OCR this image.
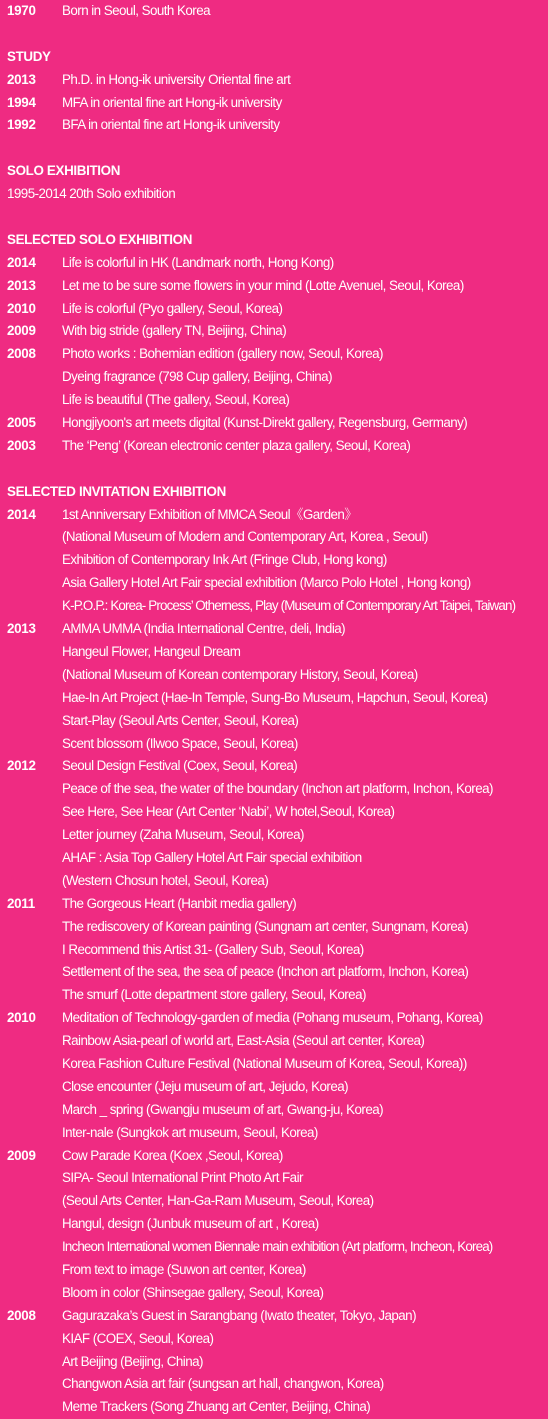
1970	Born in Seoul, South Korea
STUDY
2013	Ph.D. in Hong-ik university Oriental fine art
1994	MFA in oriental fine art Hong-ik university
1992	BFA in oriental fine art Hong-ik university
SOLO EXHIBITION
1995-2014 20th Solo exhibition
SELECTED SOLO EXHIBITION
2014	Life is colorful in HK (Landmark north, Hong Kong)
2013	Let me to be sure some flowers in your mind (Lotte Avenuel, Seoul, Korea)
2010	Life is colorful (Pyo gallery, Seoul, Korea)
2009	With big stride (gallery TN, Beijing, China)
2008	Photo works : Bohemian edition (gallery now, Seoul, Korea)
Dyeing fragrance (798 Cup gallery, Beijing, China)
Life is beautiful (The gallery, Seoul, Korea)
2005	Hongjiyoon's art meets digital (Kunst-Direkt gallery, Regensburg, Germany)
2003	The ‘Peng’ (Korean electronic center plaza gallery, Seoul, Korea)
SELECTED INVITATION EXHIBITION
2014	1st Anniversary Exhibition of MMCA Seoul《Garden》
(National Museum of Modern and Contemporary Art, Korea , Seoul)
Exhibition of Contemporary Ink Art (Fringe Club, Hong kong)
Asia Gallery Hotel Art Fair special exhibition (Marco Polo Hotel , Hong kong)
K-P.O.P.: Korea- Process’ Otherness, Play (Museum of Contemporary Art Taipei, Taiwan)
2013	AMMA UMMA (India International Centre, deli, India)
Hangeul Flower, Hangeul Dream
(National Museum of Korean contemporary History, Seoul, Korea)
Hae-In Art Project (Hae-In Temple, Sung-Bo Museum, Hapchun, Seoul, Korea)
Start-Play (Seoul Arts Center, Seoul, Korea)
Scent blossom (Ilwoo Space, Seoul, Korea)
2012	Seoul Design Festival (Coex, Seoul, Korea)
Peace of the sea, the water of the boundary (Inchon art platform, Inchon, Korea)
See Here, See Hear (Art Center ‘Nabi’, W hotel,Seoul, Korea)
Letter journey (Zaha Museum, Seoul, Korea)
AHAF : Asia Top Gallery Hotel Art Fair special exhibition
(Western Chosun hotel, Seoul, Korea)
2011	The Gorgeous Heart (Hanbit media gallery)
The rediscovery of Korean painting (Sungnam art center, Sungnam, Korea)
I Recommend this Artist 31- (Gallery Sub, Seoul, Korea)
Settlement of the sea, the sea of peace (Inchon art platform, Inchon, Korea)
The smurf (Lotte department store gallery, Seoul, Korea)
2010	Meditation of Technology-garden of media (Pohang museum, Pohang, Korea)
Rainbow Asia-pearl of world art, East-Asia (Seoul art center, Korea)
Korea Fashion Culture Festival (National Museum of Korea, Seoul, Korea))
Close encounter (Jeju museum of art, Jejudo, Korea)
March _ spring (Gwangju museum of art, Gwang-ju, Korea)
Inter-nale (Sungkok art museum, Seoul, Korea)
2009	Cow Parade Korea (Koex ,Seoul, Korea)
SIPA- Seoul International Print Photo Art Fair
(Seoul Arts Center, Han-Ga-Ram Museum, Seoul, Korea)
Hangul, design (Junbuk museum of art , Korea)
Incheon International women Biennale main exhibition (Art platform, Incheon, Korea)
From text to image (Suwon art center, Korea)
Bloom in color (Shinsegae gallery, Seoul, Korea)
2008	Gagurazaka’s Guest in Sarangbang (Iwato theater, Tokyo, Japan)
KIAF (COEX, Seoul, Korea)
Art Beijing (Beijing, China)
Changwon Asia art fair (sungsan art hall, changwon, Korea)
Meme Trackers (Song Zhuang art Center, Beijing, China)
